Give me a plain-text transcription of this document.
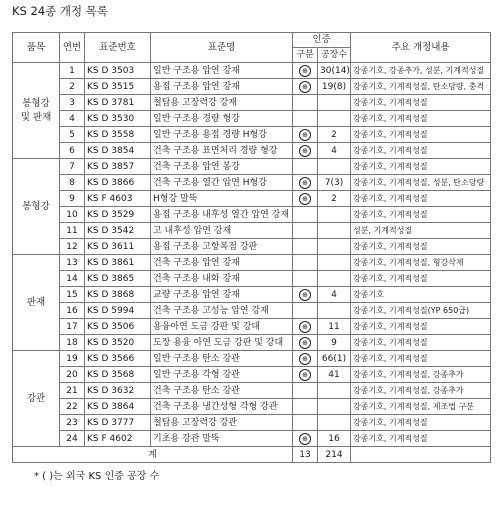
KS 24종 개정 목록
품목	연번	표준번호	표준명	인증		주요 개정내용
				구분	공장수	
봉형강
및 판재	1	KS D 3503	일반 구조용 압연 강재	⊕	30(14)	강종기호, 강종추가, 성분, 기계적성질
	2	KS D 3515	용접 구조용 압연 강재	⊕	19(8)	강종기호, 기계적성질, 탄소당량, 충격
	3	KS D 3781	철탑용 고장력강 강재			강종기호, 기계적성질
	4	KS D 3530	일반 구조용 경량 형강			강종기호, 기계적성질
	5	KS D 3558	일반 구조용 용접 경량 H형강	⊕	2	강종기호, 기계적성질
	6	KS D 3854	건축 구조용 표면처리 경량 형강	⊕	4	강종기호, 기계적성질
봉형강	7	KS D 3857	건축 구조용 압연 봉강			강종기호, 기계적성질
	8	KS D 3866	건축 구조용 열간 압연 H형강	⊕	7(3)	강종기호, 기계적성질, 성분, 탄소당량
	9	KS F 4603	H형강 말뚝	⊕	2	강종기호, 기계적성질
	10	KS D 3529	용접 구조용 내후성 열간 압연 강재			강종기호, 기계적성질
	11	KS D 3542	고 내후성 압연 강재			성분, 기계적성질
	12	KS D 3611	용접 구조용 고항복점 강판			강종기호, 기계적성질
판재	13	KS D 3861	건축 구조용 압연 강재			강종기호, 기계적성질, 형강삭제
	14	KS D 3865	건축 구조용 내화 강재			강종기호, 기계적성질
	15	KS D 3868	교량 구조용 압연 강재	⊕	4	강종기호
	16	KS D 5994	건축 구조용 고성능 압연 강재			강종기호, 기계적성질(YP 650급)
	17	KS D 3506	용융아연 도금 강판 및 강대	⊕	11	강종기호, 기계적성질
	18	KS D 3520	도장 용융 아연 도금 강판 및 강대	⊕	9	강종기호, 기계적성질
강관	19	KS D 3566	일반 구조용 탄소 강관	⊕	66(1)	강종기호, 기계적성질
	20	KS D 3568	일반 구조용 각형 강관	⊕	41	강종기호, 기계적성질, 강종추가
	21	KS D 3632	건축 구조용 탄소 강관			강종기호, 기계적성질, 강종추가
	22	KS D 3864	건축 구조용 냉간성형 각형 강관			강종기호, 기계적성질, 제조법 구분
	23	KS D 3777	철탑용 고장력강 강관			강종기호, 기계적성질
	24	KS F 4602	기초용 강관 말뚝	⊕	16	강종기호, 기계적성질
계				13	214	
* ( )는 외국 KS 인증 공장 수
